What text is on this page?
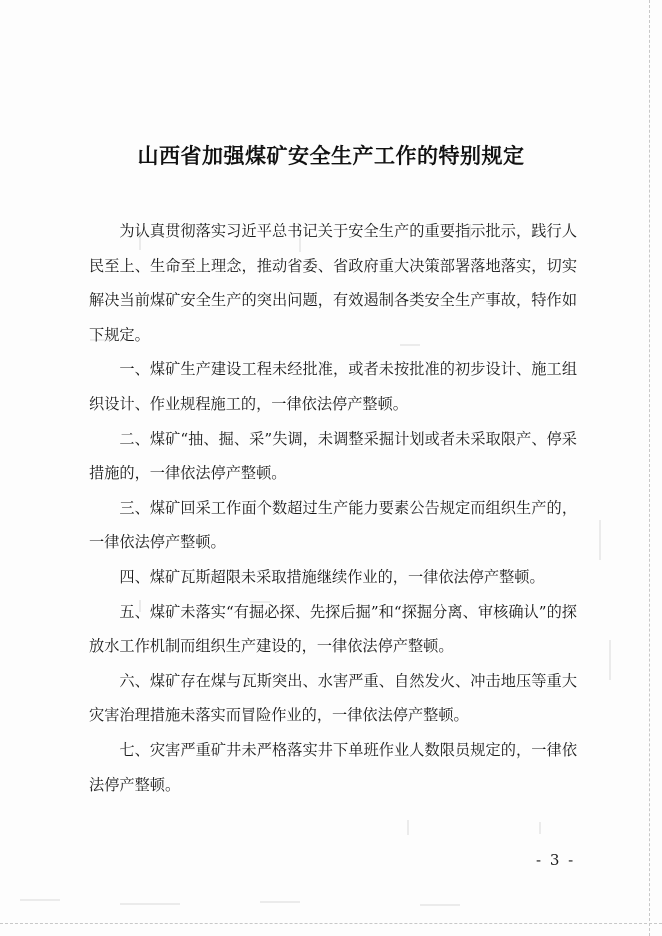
山西省加强煤矿安全生产工作的特别规定

为认真贯彻落实习近平总书记关于安全生产的重要指示批示，践行人民至上、生命至上理念，推动省委、省政府重大决策部署落地落实，切实解决当前煤矿安全生产的突出问题，有效遏制各类安全生产事故，特作如下规定。

一、煤矿生产建设工程未经批准，或者未按批准的初步设计、施工组织设计、作业规程施工的，一律依法停产整顿。

二、煤矿“抽、掘、采”失调，未调整采掘计划或者未采取限产、停采措施的，一律依法停产整顿。

三、煤矿回采工作面个数超过生产能力要素公告规定而组织生产的，一律依法停产整顿。

四、煤矿瓦斯超限未采取措施继续作业的，一律依法停产整顿。

五、煤矿未落实“有掘必探、先探后掘”和“探掘分离、审核确认”的探放水工作机制而组织生产建设的，一律依法停产整顿。

六、煤矿存在煤与瓦斯突出、水害严重、自然发火、冲击地压等重大灾害治理措施未落实而冒险作业的，一律依法停产整顿。

七、灾害严重矿井未严格落实井下单班作业人数限员规定的，一律依法停产整顿。

- 3 -
